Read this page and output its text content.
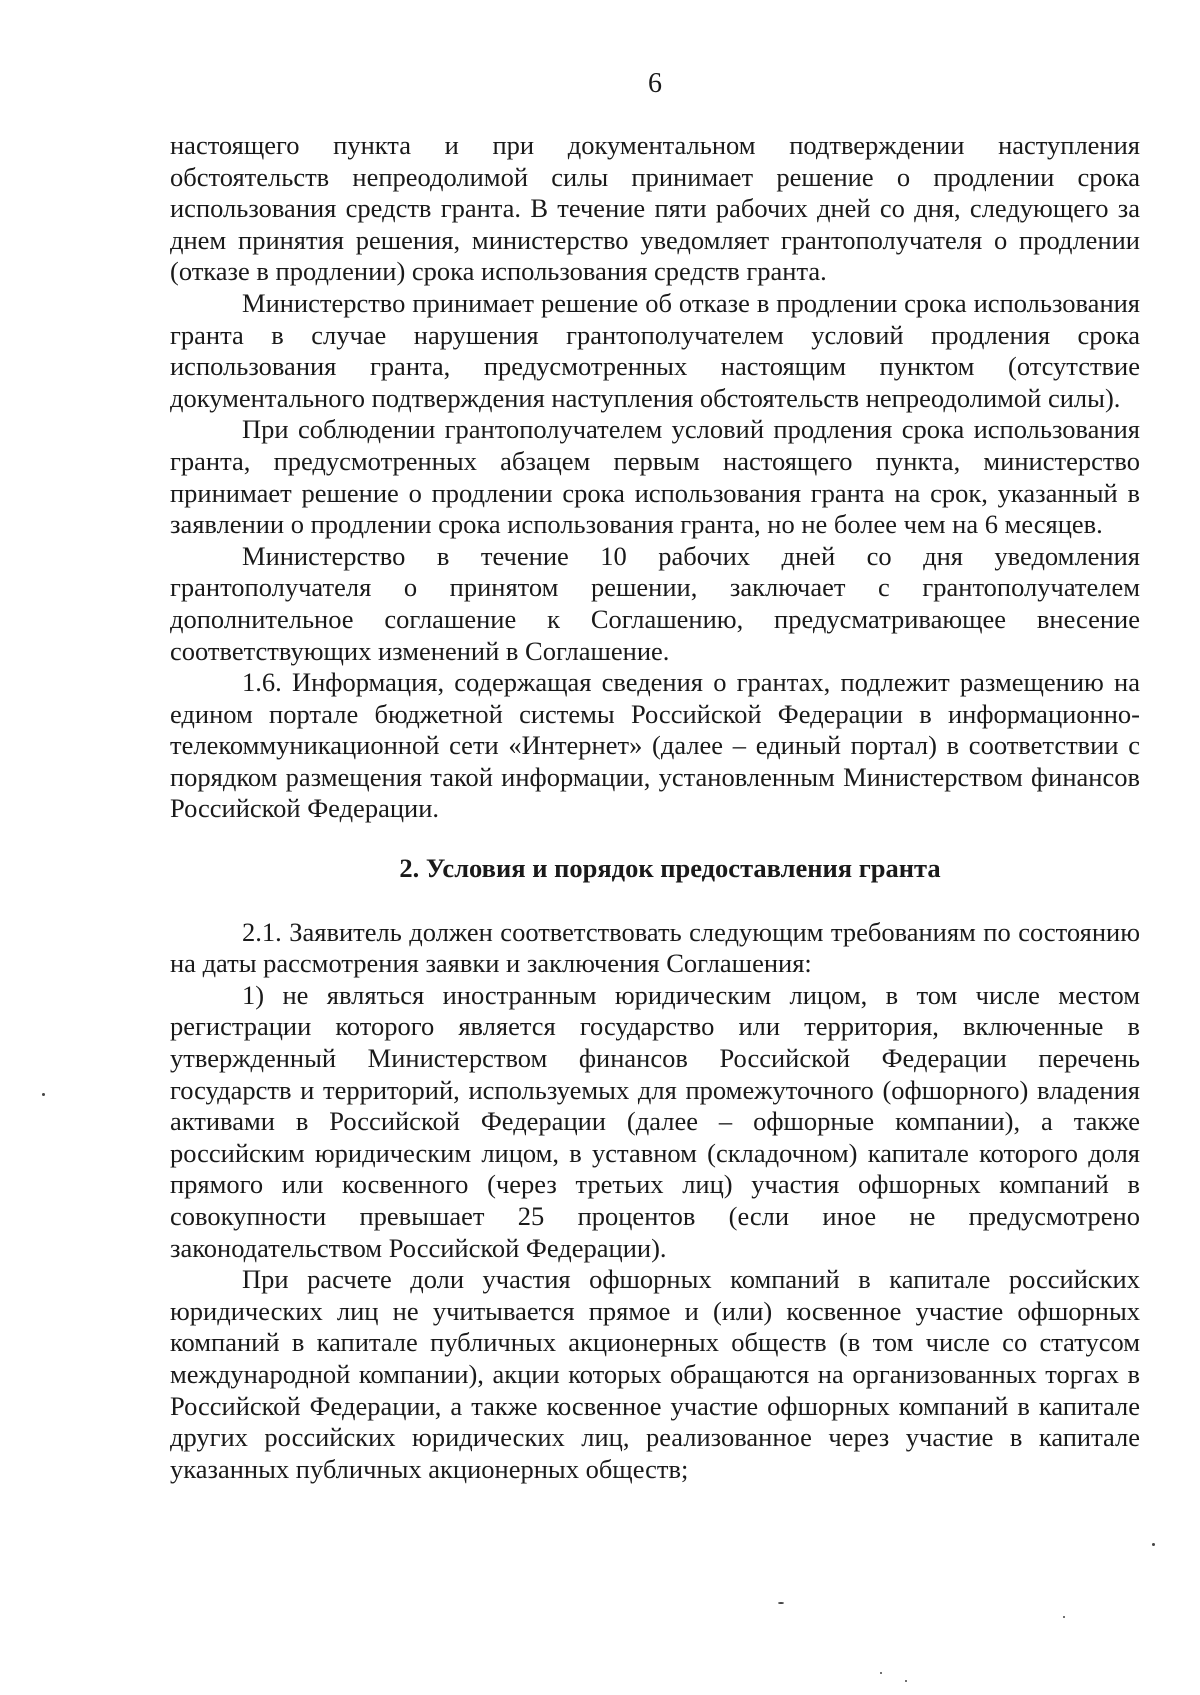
6

настоящего пункта и при документальном подтверждении наступления обстоятельств непреодолимой силы принимает решение о продлении срока использования средств гранта. В течение пяти рабочих дней со дня, следующего за днем принятия решения, министерство уведомляет грантополучателя о продлении (отказе в продлении) срока использования средств гранта.

Министерство принимает решение об отказе в продлении срока использования гранта в случае нарушения грантополучателем условий продления срока использования гранта, предусмотренных настоящим пунктом (отсутствие документального подтверждения наступления обстоятельств непреодолимой силы).

При соблюдении грантополучателем условий продления срока использования гранта, предусмотренных абзацем первым настоящего пункта, министерство принимает решение о продлении срока использования гранта на срок, указанный в заявлении о продлении срока использования гранта, но не более чем на 6 месяцев.

Министерство в течение 10 рабочих дней со дня уведомления грантополучателя о принятом решении, заключает с грантополучателем дополнительное соглашение к Соглашению, предусматривающее внесение соответствующих изменений в Соглашение.

1.6. Информация, содержащая сведения о грантах, подлежит размещению на едином портале бюджетной системы Российской Федерации в информационно-телекоммуникационной сети «Интернет» (далее – единый портал) в соответствии с порядком размещения такой информации, установленным Министерством финансов Российской Федерации.

2. Условия и порядок предоставления гранта

2.1. Заявитель должен соответствовать следующим требованиям по состоянию на даты рассмотрения заявки и заключения Соглашения:

1) не являться иностранным юридическим лицом, в том числе местом регистрации которого является государство или территория, включенные в утвержденный Министерством финансов Российской Федерации перечень государств и территорий, используемых для промежуточного (офшорного) владения активами в Российской Федерации (далее – офшорные компании), а также российским юридическим лицом, в уставном (складочном) капитале которого доля прямого или косвенного (через третьих лиц) участия офшорных компаний в совокупности превышает 25 процентов (если иное не предусмотрено законодательством Российской Федерации).

При расчете доли участия офшорных компаний в капитале российских юридических лиц не учитывается прямое и (или) косвенное участие офшорных компаний в капитале публичных акционерных обществ (в том числе со статусом международной компании), акции которых обращаются на организованных торгах в Российской Федерации, а также косвенное участие офшорных компаний в капитале других российских юридических лиц, реализованное через участие в капитале указанных публичных акционерных обществ;
